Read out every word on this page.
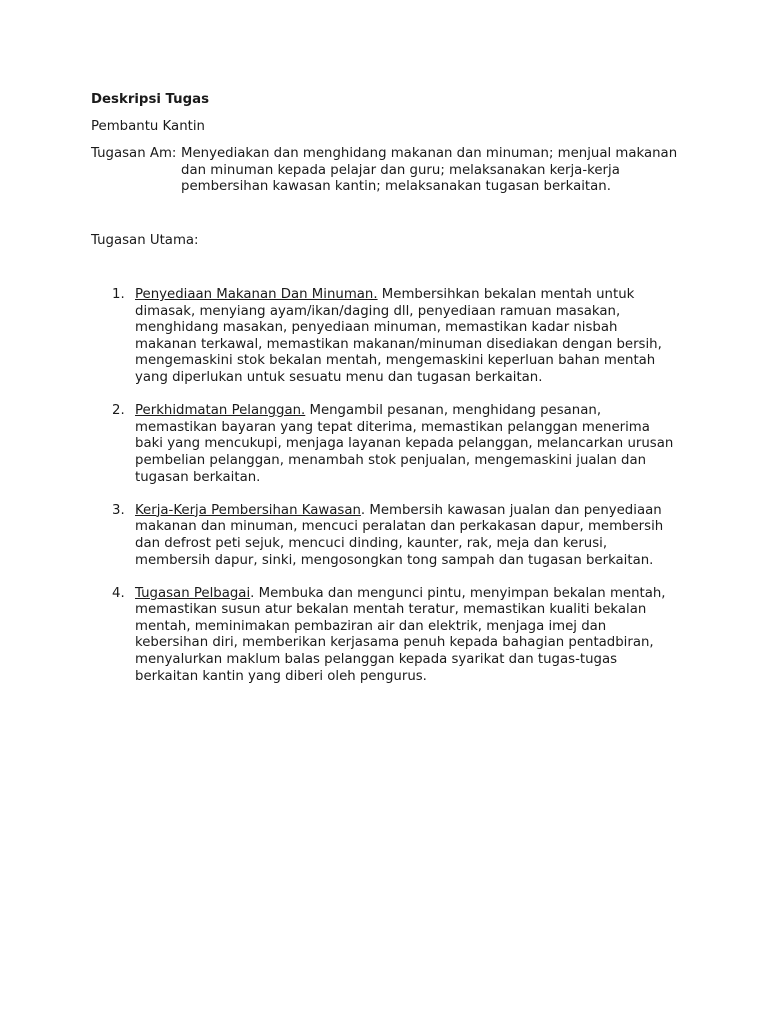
Deskripsi Tugas
Pembantu Kantin
Tugasan Am: Menyediakan dan menghidang makanan dan minuman; menjual makanan dan minuman kepada pelajar dan guru; melaksanakan kerja-kerja pembersihan kawasan kantin; melaksanakan tugasan berkaitan.
Tugasan Utama:
1. Penyediaan Makanan Dan Minuman. Membersihkan bekalan mentah untuk dimasak, menyiang ayam/ikan/daging dll, penyediaan ramuan masakan, menghidang masakan, penyediaan minuman, memastikan kadar nisbah makanan terkawal, memastikan makanan/minuman disediakan dengan bersih, mengemaskini stok bekalan mentah, mengemaskini keperluan bahan mentah yang diperlukan untuk sesuatu menu dan tugasan berkaitan.
2. Perkhidmatan Pelanggan. Mengambil pesanan, menghidang pesanan, memastikan bayaran yang tepat diterima, memastikan pelanggan menerima baki yang mencukupi, menjaga layanan kepada pelanggan, melancarkan urusan pembelian pelanggan, menambah stok penjualan, mengemaskini jualan dan tugasan berkaitan.
3. Kerja-Kerja Pembersihan Kawasan. Membersih kawasan jualan dan penyediaan makanan dan minuman, mencuci peralatan dan perkakasan dapur, membersih dan defrost peti sejuk, mencuci dinding, kaunter, rak, meja dan kerusi, membersih dapur, sinki, mengosongkan tong sampah dan tugasan berkaitan.
4. Tugasan Pelbagai. Membuka dan mengunci pintu, menyimpan bekalan mentah, memastikan susun atur bekalan mentah teratur, memastikan kualiti bekalan mentah, meminimakan pembaziran air dan elektrik, menjaga imej dan kebersihan diri, memberikan kerjasama penuh kepada bahagian pentadbiran, menyalurkan maklum balas pelanggan kepada syarikat dan tugas-tugas berkaitan kantin yang diberi oleh pengurus.
